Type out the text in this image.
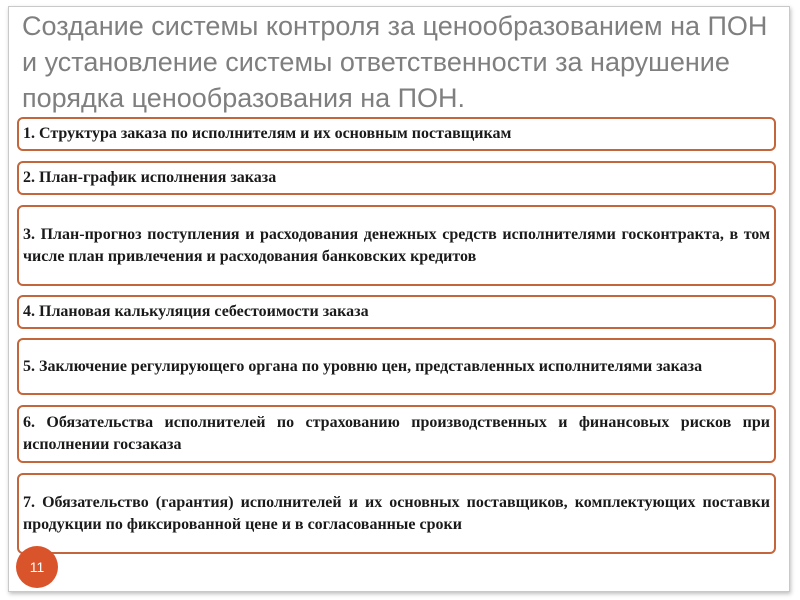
Создание системы контроля за ценообразованием на ПОН и установление системы ответственности за нарушение порядка ценообразования на ПОН.
1. Структура заказа по исполнителям и их основным поставщикам
2. План-график исполнения заказа
3. План-прогноз поступления и расходования денежных средств исполнителями госконтракта, в том числе план привлечения и расходования банковских кредитов
4. Плановая калькуляция себестоимости заказа
5. Заключение регулирующего органа по уровню цен, представленных исполнителями заказа
6. Обязательства исполнителей по страхованию производственных и финансовых рисков при исполнении госзаказа
7. Обязательство (гарантия) исполнителей и их основных поставщиков, комплектующих поставки продукции по фиксированной цене и в согласованные сроки
11
